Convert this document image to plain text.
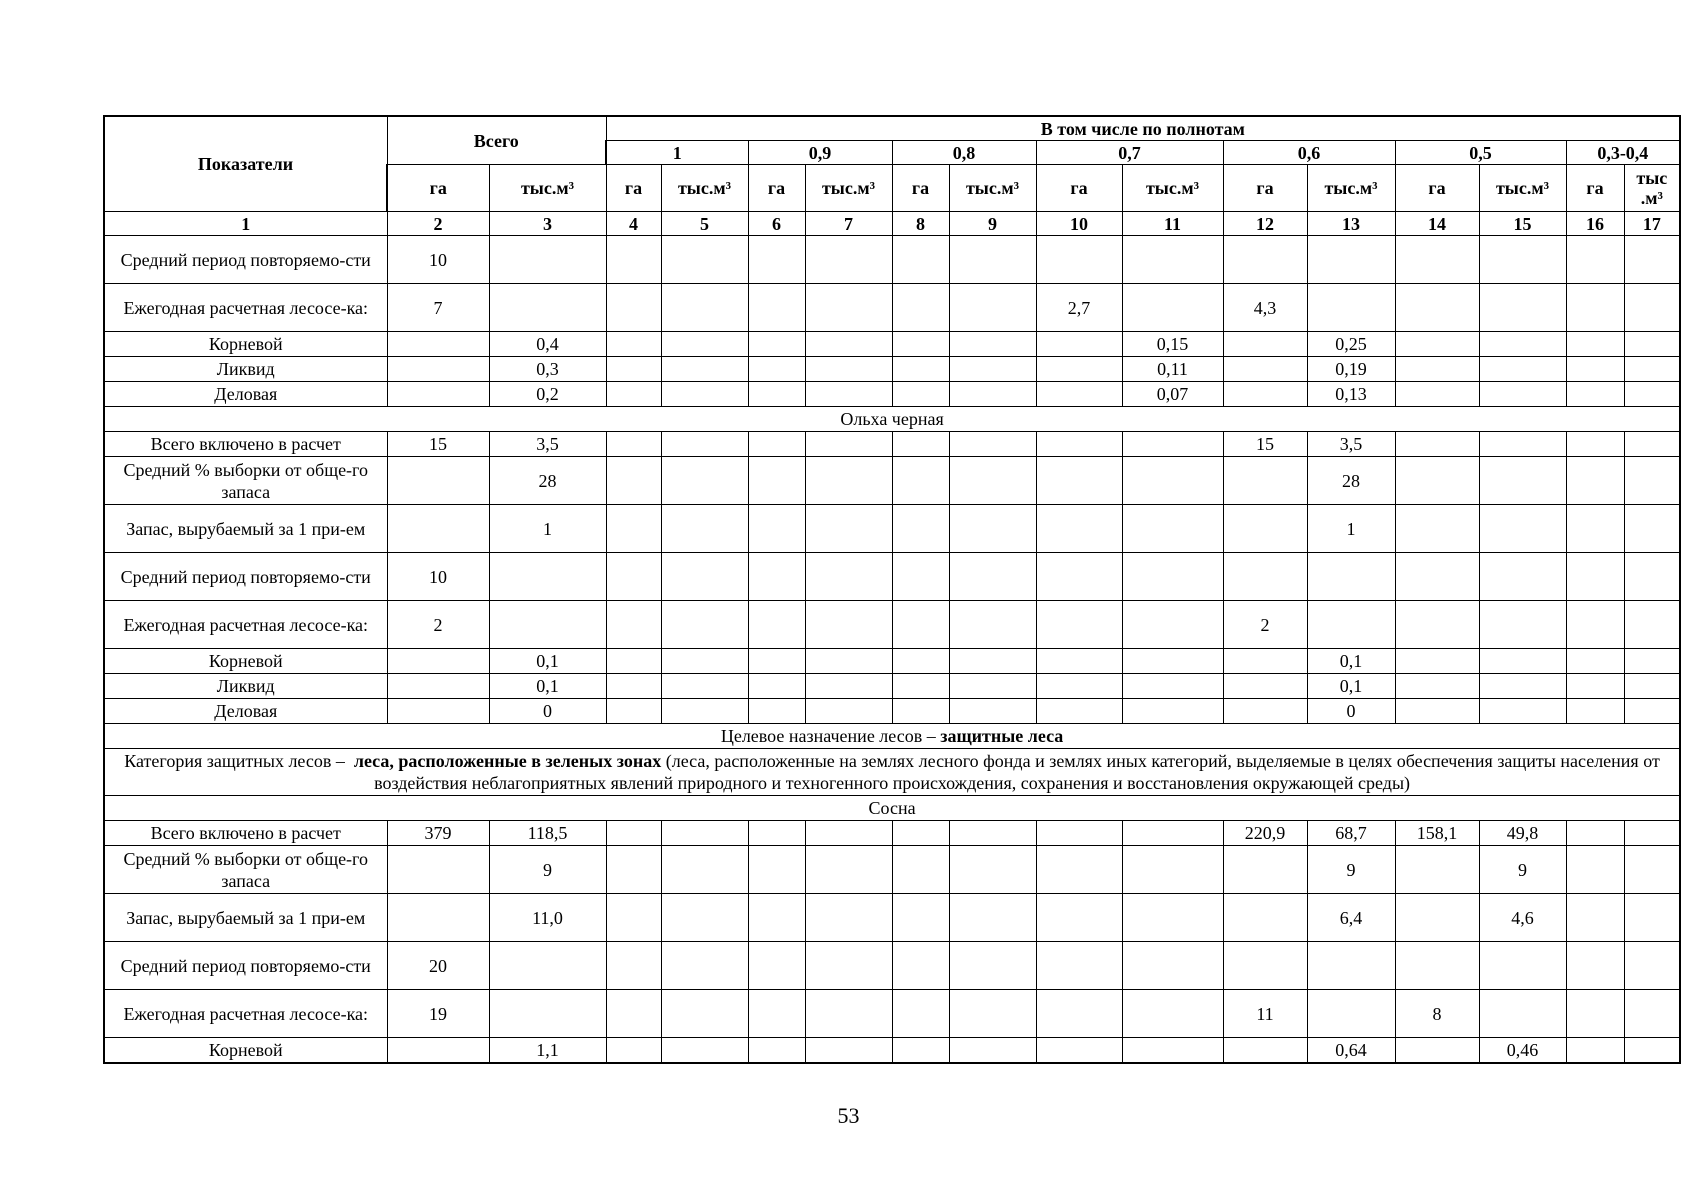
Показатели	Всего		В том числе по полнотам													
			1		0,9		0,8		0,7		0,6		0,5		0,3-0,4	
	га	тыс.м³	га	тыс.м³	га	тыс.м³	га	тыс.м³	га	тыс.м³	га	тыс.м³	га	тыс.м³	га	тыс .м³
1	2	3	4	5	6	7	8	9	10	11	12	13	14	15	16	17
Средний период повторяемо-сти	10															
Ежегодная расчетная лесосе-ка:	7								2,7		4,3					
Корневой		0,4								0,15		0,25				
Ликвид		0,3								0,11		0,19				
Деловая		0,2								0,07		0,13				
Ольха черная																
Всего включено в расчет	15	3,5									15	3,5				
Средний % выборки от обще-го запаса		28										28				
Запас, вырубаемый за 1 при-ем		1										1				
Средний период повторяемо-сти	10															
Ежегодная расчетная лесосе-ка:	2										2					
Корневой		0,1										0,1				
Ликвид		0,1										0,1				
Деловая		0										0				
Целевое назначение лесов – защитные леса																
Категория защитных лесов –  леса, расположенные в зеленых зонах (леса, расположенные на землях лесного фонда и землях иных категорий, выделяемые в целях обеспечения защиты населения от воздействия неблагоприятных явлений природного и техногенного происхождения, сохранения и восстановления окружающей среды)																
Сосна																
Всего включено в расчет	379	118,5									220,9	68,7	158,1	49,8		
Средний % выборки от обще-го запаса		9										9		9		
Запас, вырубаемый за 1 при-ем		11,0										6,4		4,6		
Средний период повторяемо-сти	20															
Ежегодная расчетная лесосе-ка:	19										11		8			
Корневой		1,1										0,64		0,46		
53
